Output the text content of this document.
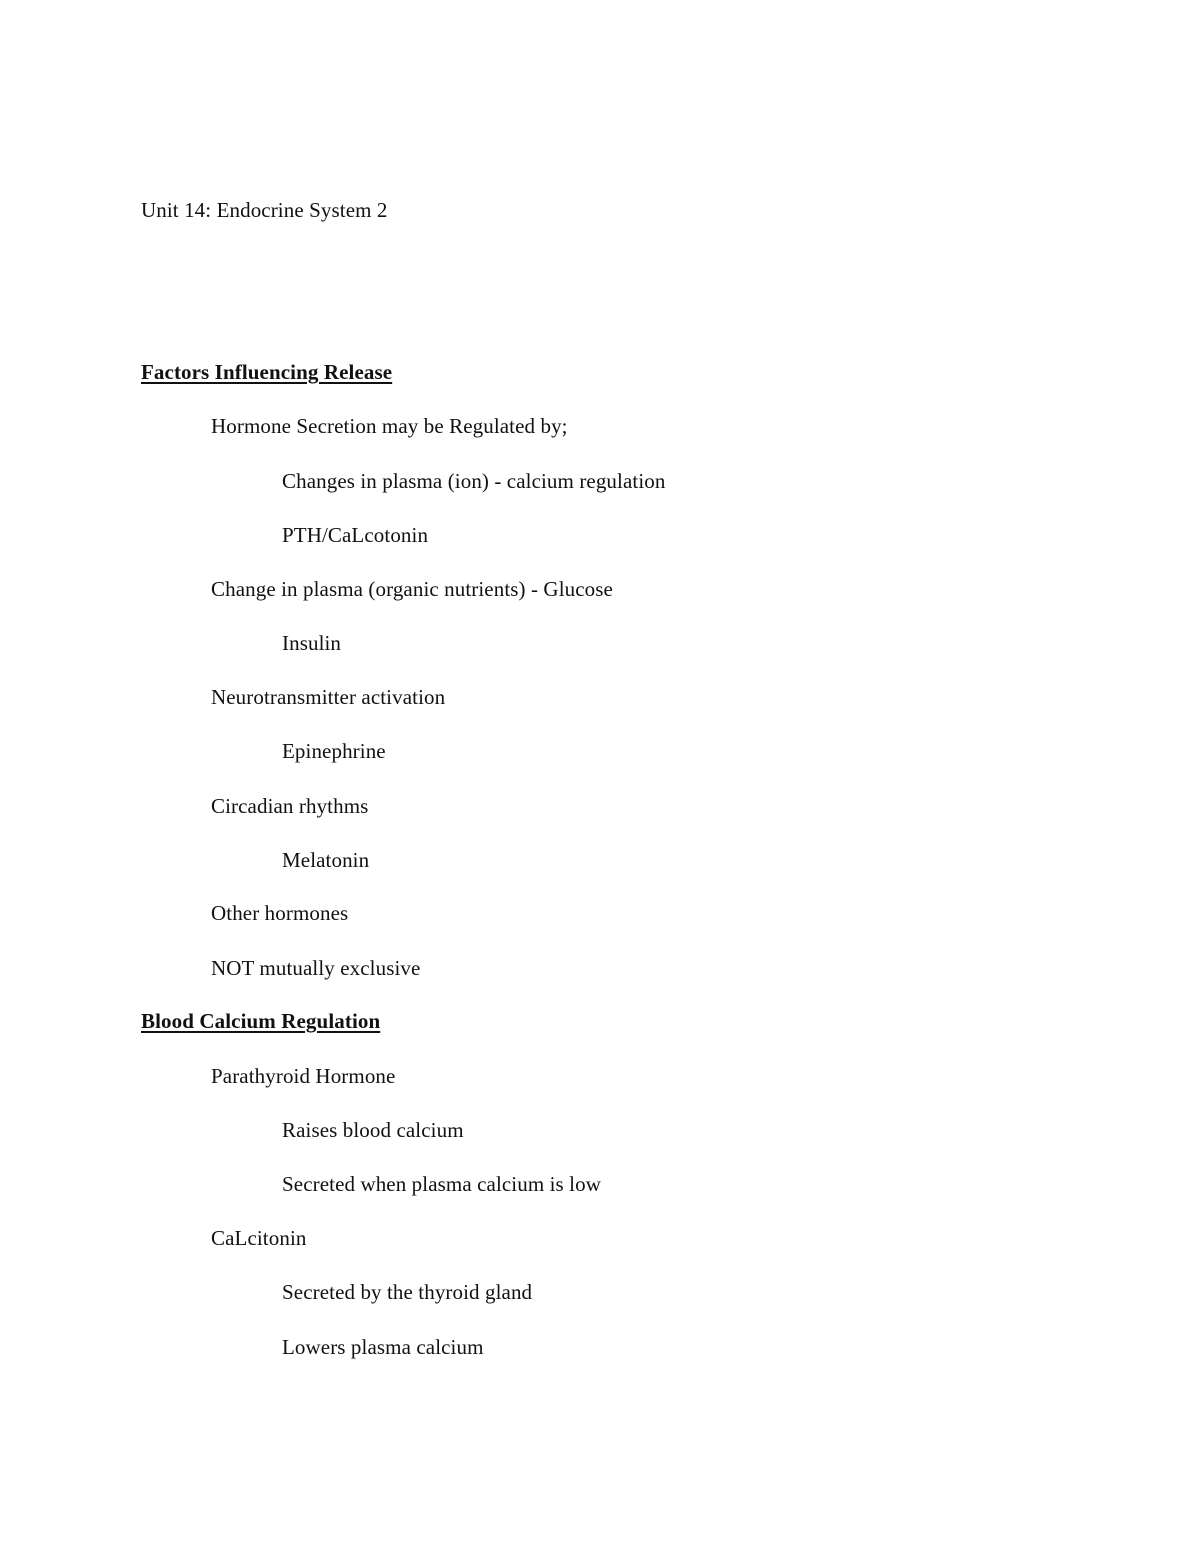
Unit 14: Endocrine System 2
Factors Influencing Release
Hormone Secretion may be Regulated by;
Changes in plasma (ion) - calcium regulation
PTH/CaLcotonin
Change in plasma (organic nutrients) - Glucose
Insulin
Neurotransmitter activation
Epinephrine
Circadian rhythms
Melatonin
Other hormones
NOT mutually exclusive
Blood Calcium Regulation
Parathyroid Hormone
Raises blood calcium
Secreted when plasma calcium is low
CaLcitonin
Secreted by the thyroid gland
Lowers plasma calcium
